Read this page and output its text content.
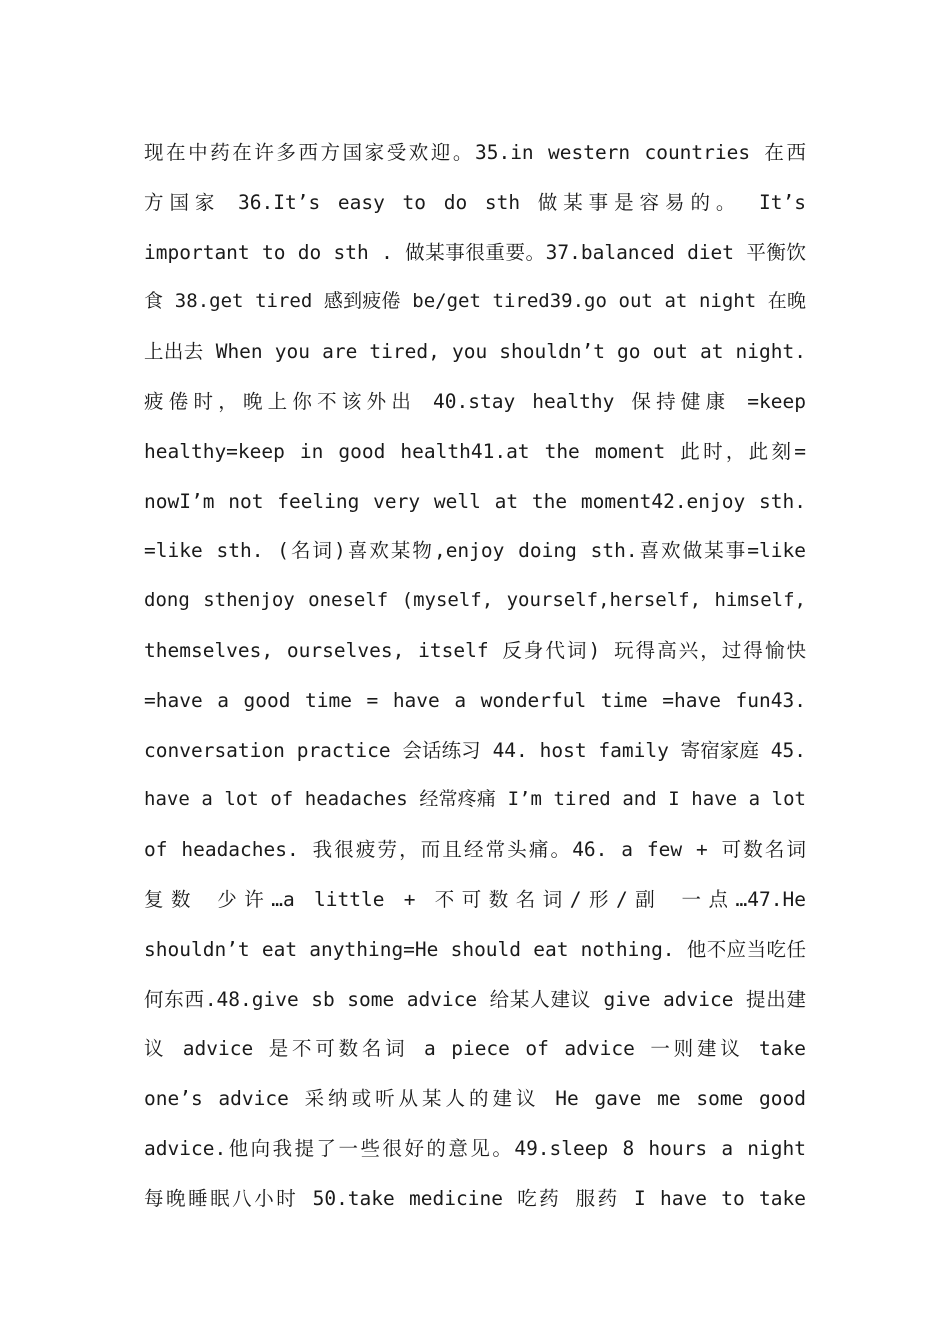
现在中药在许多西方国家受欢迎。35.in western countries 在西
方国家 36.It’s easy to do sth 做某事是容易的。 It’s
important to do sth . 做某事很重要。37.balanced diet 平衡饮
食 38.get tired 感到疲倦 be/get tired39.go out at night 在晚
上出去 When you are tired, you shouldn’t go out at night.
疲倦时，晚上你不该外出 40.stay healthy 保持健康 =keep
healthy=keep in good health41.at the moment 此时，此刻=
nowI’m not feeling very well at the moment42.enjoy sth.
=like sth. (名词)喜欢某物,enjoy doing sth.喜欢做某事=like
dong sthenjoy oneself (myself, yourself,herself, himself,
themselves, ourselves, itself 反身代词) 玩得高兴，过得愉快
=have a good time = have a wonderful time =have fun43.
conversation practice 会话练习 44. host family 寄宿家庭 45.
have a lot of headaches 经常疼痛 I’m tired and I have a lot
of headaches. 我很疲劳，而且经常头痛。46. a few + 可数名词
复数 少许…a little + 不可数名词/形/副 一点…47.He
shouldn’t eat anything=He should eat nothing. 他不应当吃任
何东西.48.give sb some advice 给某人建议 give advice 提出建
议 advice 是不可数名词 a piece of advice 一则建议 take
one’s advice 采纳或听从某人的建议 He gave me some good
advice.他向我提了一些很好的意见。49.sleep 8 hours a night
每晚睡眠八小时 50.take medicine 吃药 服药 I have to take
